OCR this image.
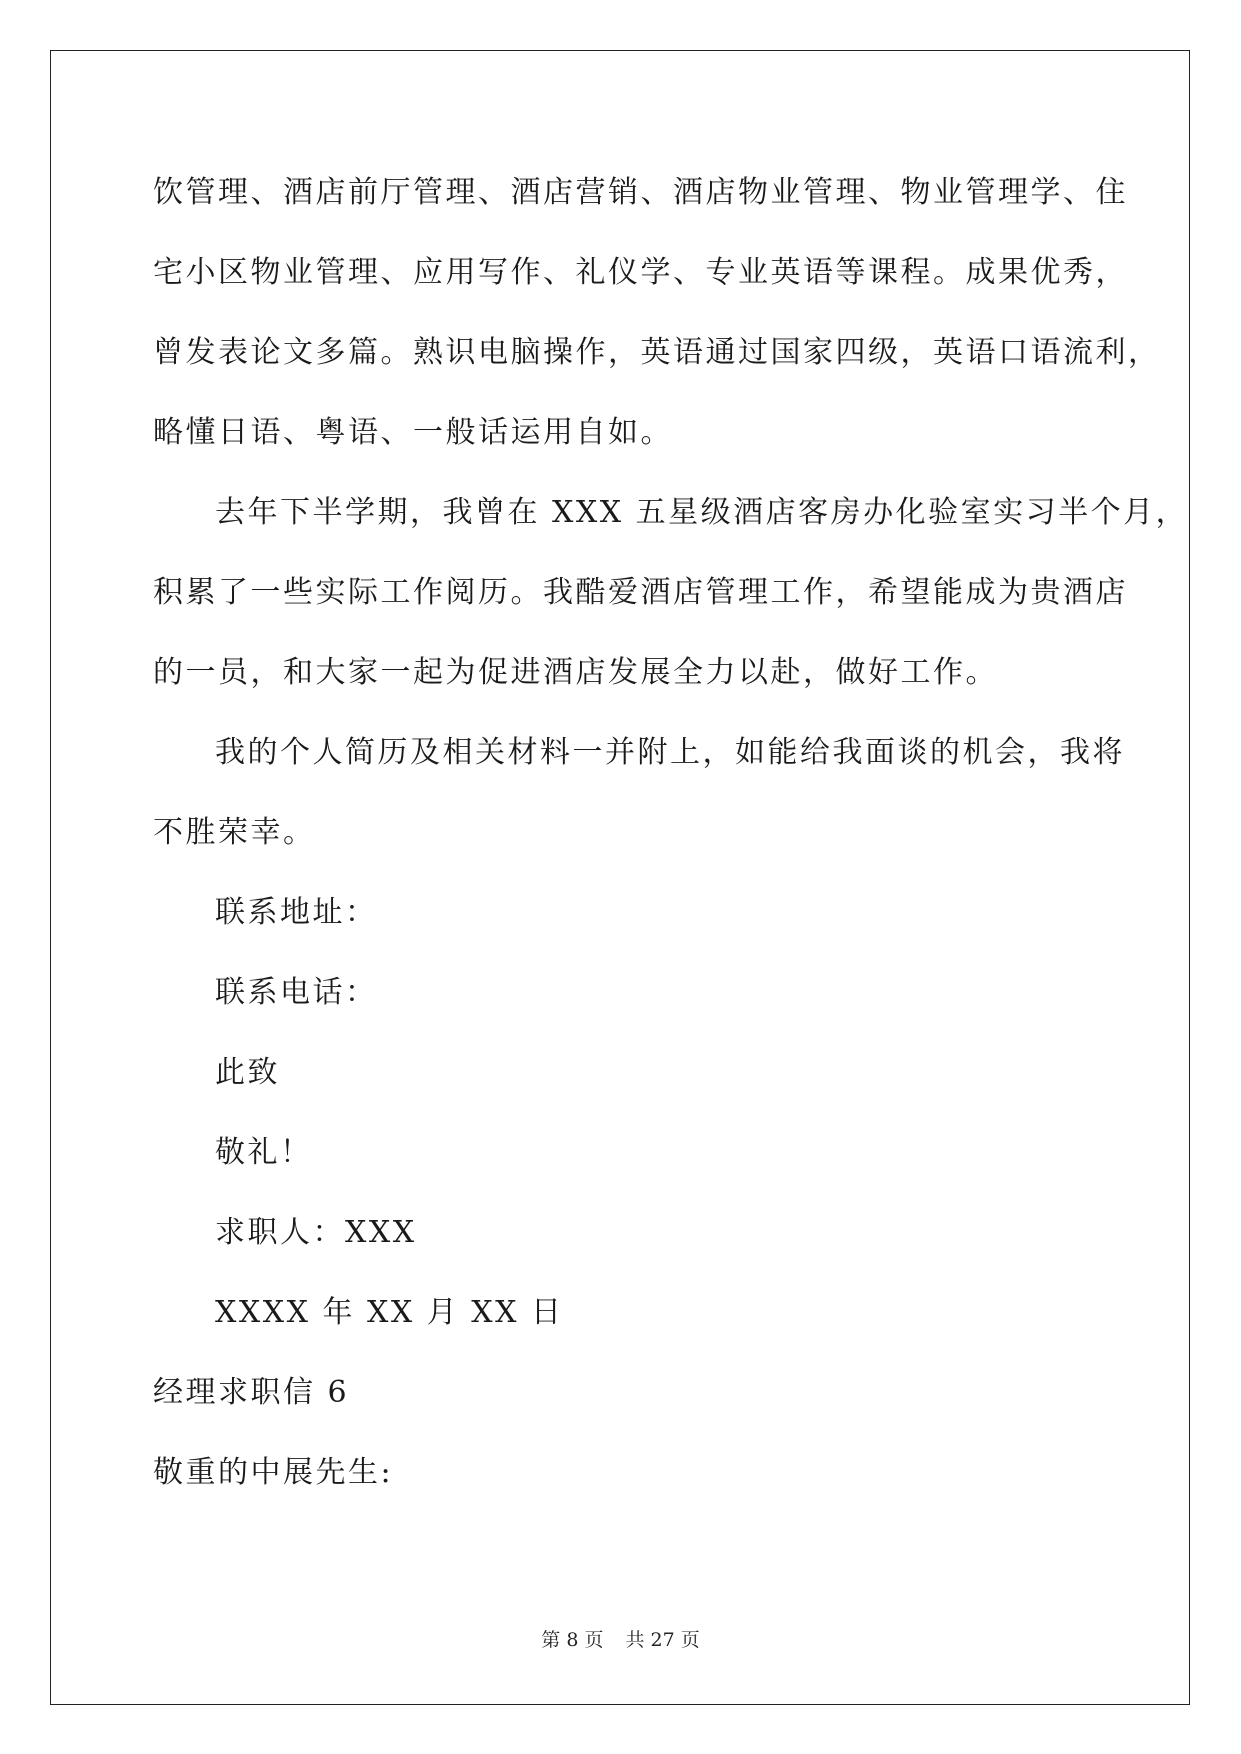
饮管理、酒店前厅管理、酒店营销、酒店物业管理、物业管理学、住
宅小区物业管理、应用写作、礼仪学、专业英语等课程。成果优秀，
曾发表论文多篇。熟识电脑操作，英语通过国家四级，英语口语流利，
略懂日语、粤语、一般话运用自如。
去年下半学期，我曾在 XXX 五星级酒店客房办化验室实习半个月，
积累了一些实际工作阅历。我酷爱酒店管理工作，希望能成为贵酒店
的一员，和大家一起为促进酒店发展全力以赴，做好工作。
我的个人简历及相关材料一并附上，如能给我面谈的机会，我将
不胜荣幸。
联系地址：
联系电话：
此致
敬礼！
求职人：XXX
XXXX 年 XX 月 XX 日
经理求职信 6
敬重的中展先生:
第 8 页 共 27 页
